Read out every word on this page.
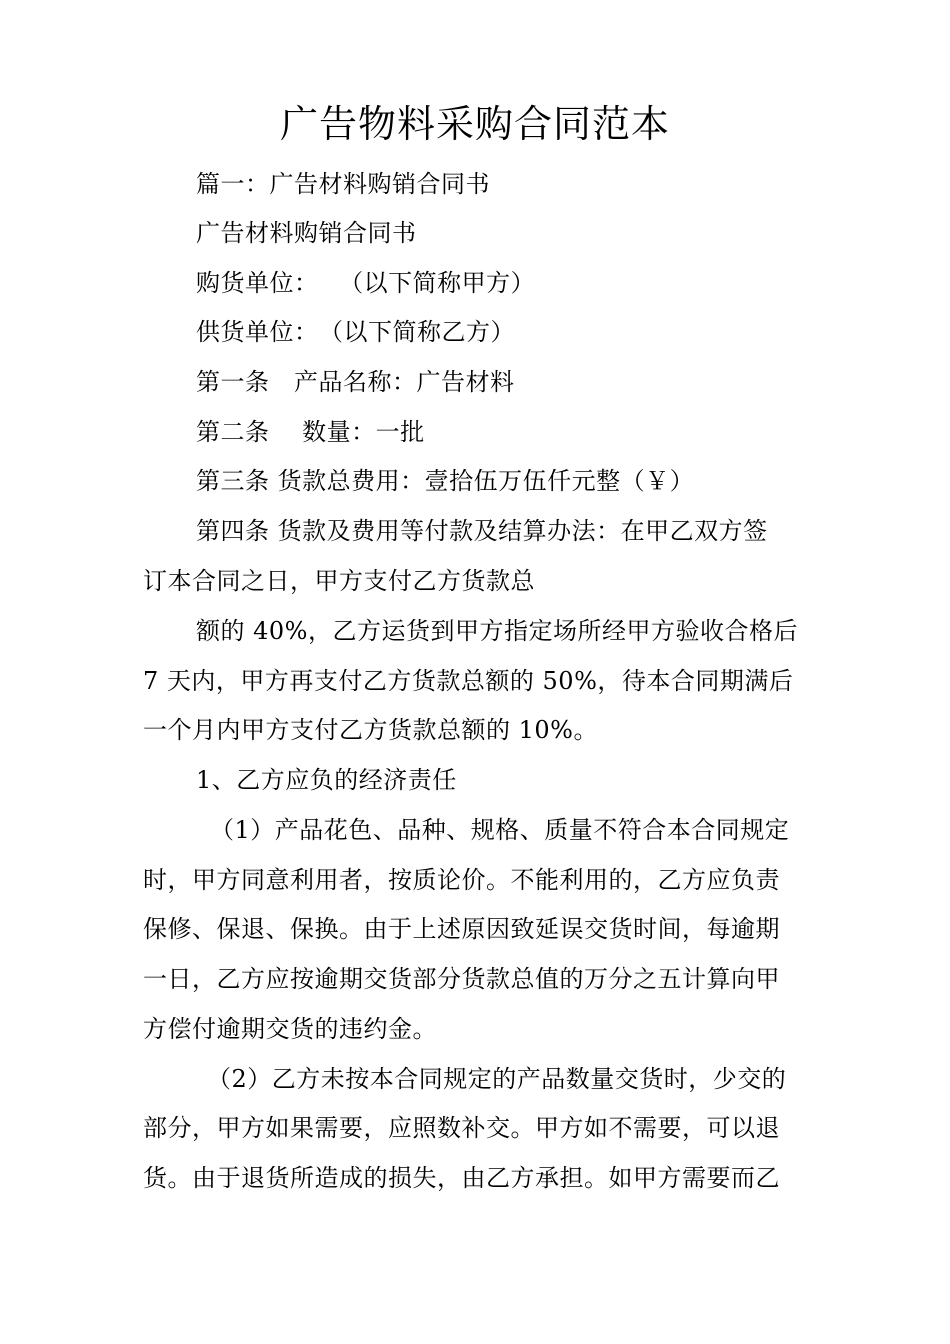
广告物料采购合同范本
篇一：广告材料购销合同书
广告材料购销合同书
购货单位：　 （以下简称甲方）
供货单位：　（以下简称乙方）
第一条　产品名称：广告材料
第二条　 数量：一批
第三条 货款总费用：壹拾伍万伍仟元整（￥）
第四条 货款及费用等付款及结算办法：在甲乙双方签
订本合同之日，甲方支付乙方货款总
额的 40%，乙方运货到甲方指定场所经甲方验收合格后
7 天内，甲方再支付乙方货款总额的 50%，待本合同期满后
一个月内甲方支付乙方货款总额的 10%。
1、乙方应负的经济责任
（1）产品花色、品种、规格、质量不符合本合同规定
时，甲方同意利用者，按质论价。不能利用的，乙方应负责
保修、保退、保换。由于上述原因致延误交货时间，每逾期
一日，乙方应按逾期交货部分货款总值的万分之五计算向甲
方偿付逾期交货的违约金。
（2）乙方未按本合同规定的产品数量交货时，少交的
部分，甲方如果需要，应照数补交。甲方如不需要，可以退
货。由于退货所造成的损失，由乙方承担。如甲方需要而乙
